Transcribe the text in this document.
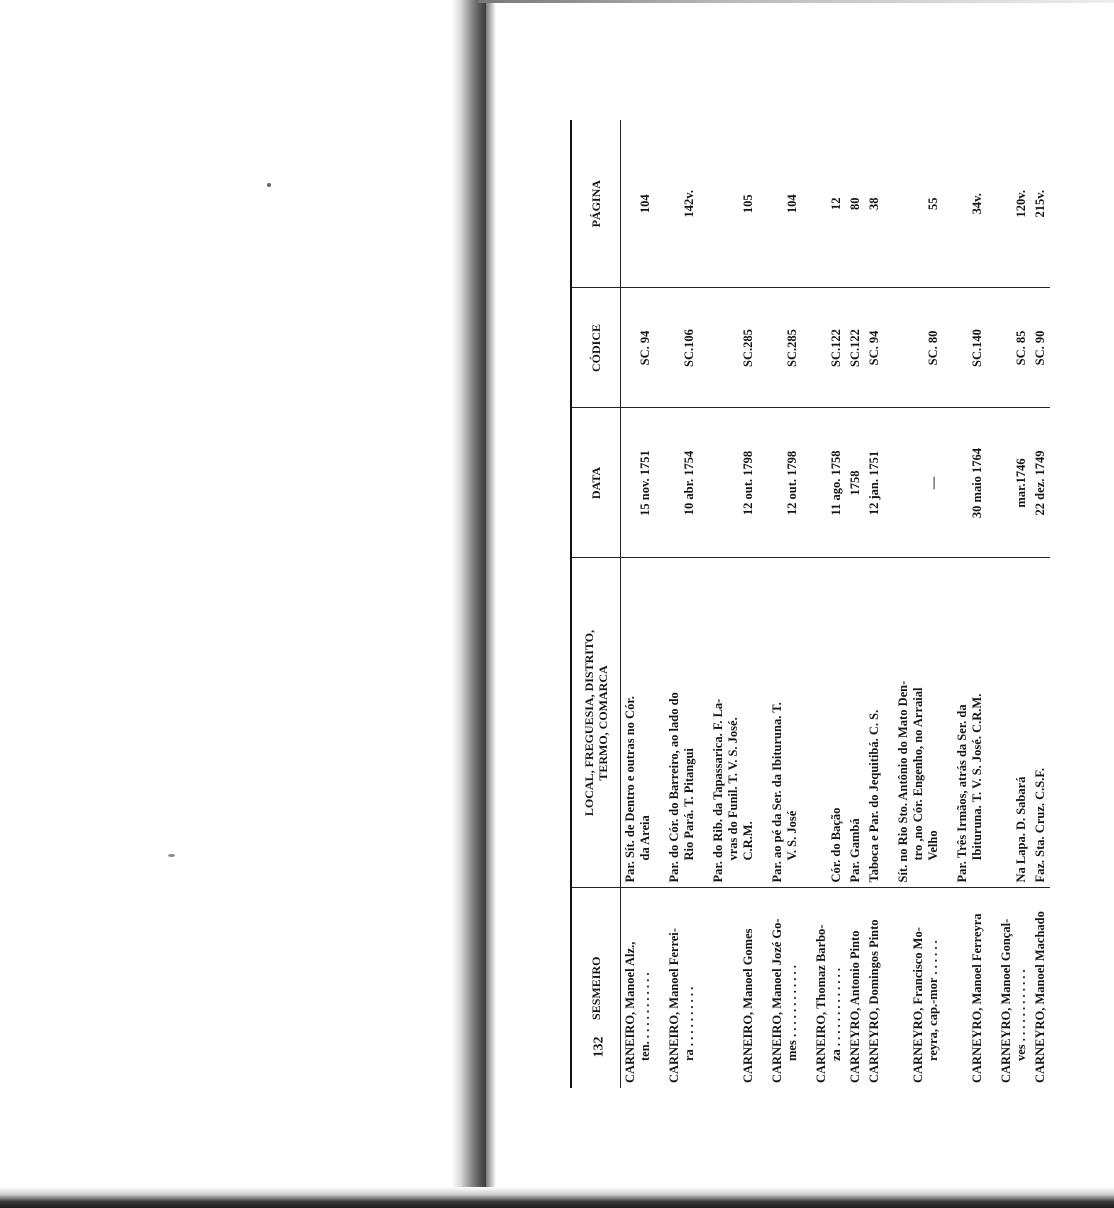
132
SESMEIRO	LOCAL, FREGUESIA, DISTRITO,
TERMO, COMARCA	DATA	CÓDICE	PÁGINA

CARNEIRO, Manoel Alz., ten. . . . . . . . . . . .	Par. Sít. de Dentro e outras no Cór. da Areia	15 nov. 1751	SC. 94	104

CARNEIRO, Manoel Ferrei- ra . . . . . . . . . .	Par. do Cór. do Barreiro, ao lado do Rio Pará. T. Pitangui	10 abr. 1754	SC.106	142v.

CARNEIRO, Manoel Gomes	Par. do Rib. da Tapassarica. F. La- vras do Funil. T. V. S. José. C.R.M.	12 out. 1798	SC.285	105

CARNEIRO, Manoel Jozé Go- mes . . . . . . . . . . . .	Par. ao pé da Ser. da Ibituruna. T. V. S. José	12 out. 1798	SC.285	104

CARNEIRO, Thomaz Barbo- za . . . . . . . . . . . . .	Cór. do Bação	11 ago. 1758	SC.122	12

CARNEYRO, Antonio Pinto	Par. Gambá	1758	SC.122	80

CARNEYRO, Domingos Pinto	Taboca e Par. do Jequitibá. C. S.	12 jan. 1751	SC. 94	38

CARNEYRO, Francisco Mo- reyra, cap.-mor . . . . . .	Sít. no Rio Sto. Antônio do Mato Den- tro ,no Cór. Engenho, no Arraial Velho	—	SC. 80	55

CARNEYRO, Manoel Ferreyra	Par. Três Irmãos, atrás da Ser. da Ibituruna. T. V. S. José. C.R.M.	30 maio 1764	SC.140	34v.

CARNEYRO, Manoel Gonçal- ves . . . . . . . . . . . .	Na Lapa. D. Sabará	mar.1746	SC. 85	120v.

CARNEYRO, Manoel Machado	Faz. Sta. Cruz. C.S.F.	22 dez. 1749	SC. 90	215v.
